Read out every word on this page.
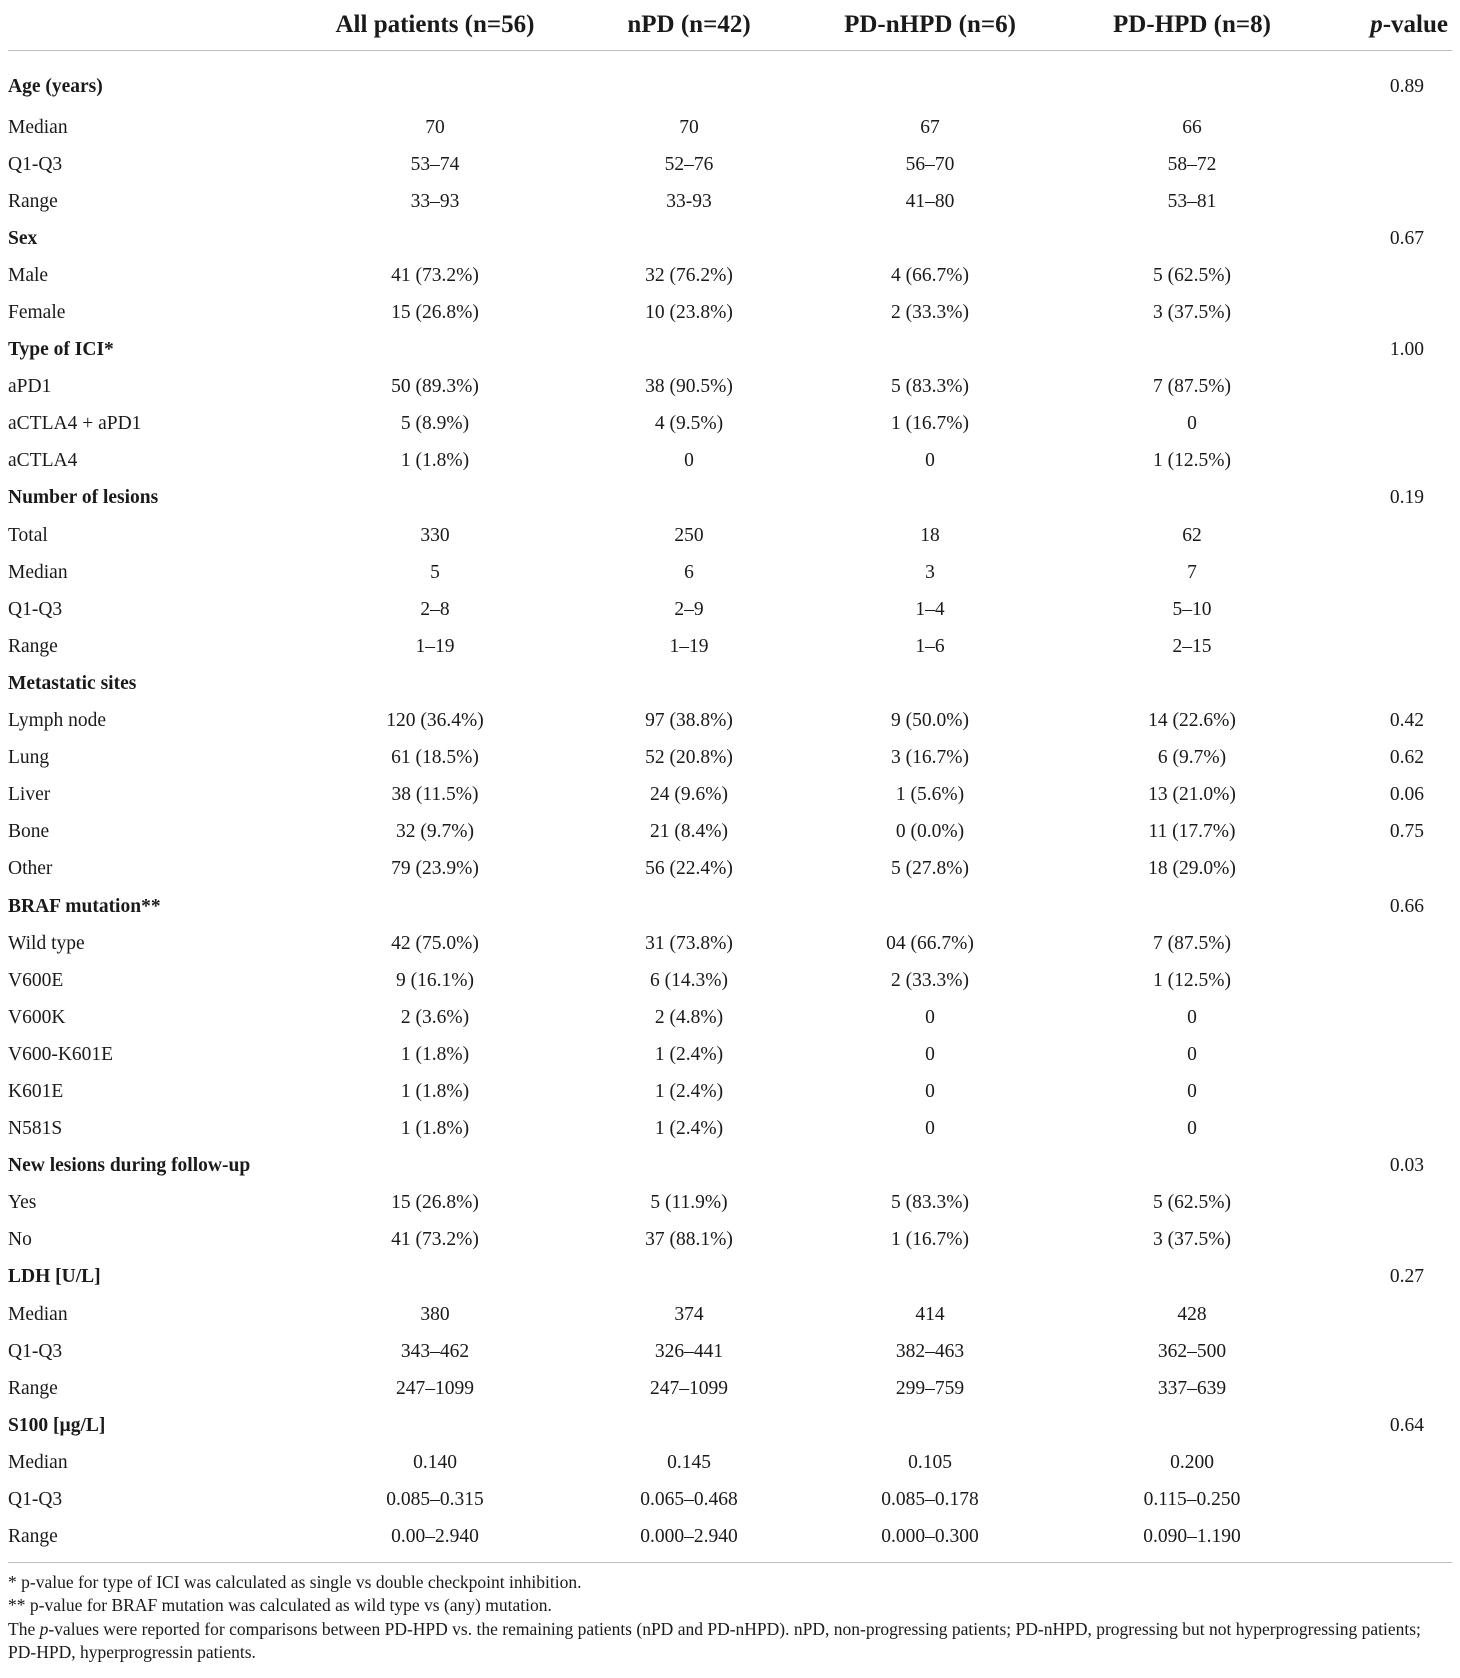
	All patients (n=56)	nPD (n=42)	PD-nHPD (n=6)	PD-HPD (n=8)	p-value
Age (years)					0.89
Median	70	70	67	66	
Q1-Q3	53–74	52–76	56–70	58–72	
Range	33–93	33-93	41–80	53–81	
Sex					0.67
Male	41 (73.2%)	32 (76.2%)	4 (66.7%)	5 (62.5%)	
Female	15 (26.8%)	10 (23.8%)	2 (33.3%)	3 (37.5%)	
Type of ICI*					1.00
aPD1	50 (89.3%)	38 (90.5%)	5 (83.3%)	7 (87.5%)	
aCTLA4 + aPD1	5 (8.9%)	4 (9.5%)	1 (16.7%)	0	
aCTLA4	1 (1.8%)	0	0	1 (12.5%)	
Number of lesions					0.19
Total	330	250	18	62	
Median	5	6	3	7	
Q1-Q3	2–8	2–9	1–4	5–10	
Range	1–19	1–19	1–6	2–15	
Metastatic sites					
Lymph node	120 (36.4%)	97 (38.8%)	9 (50.0%)	14 (22.6%)	0.42
Lung	61 (18.5%)	52 (20.8%)	3 (16.7%)	6 (9.7%)	0.62
Liver	38 (11.5%)	24 (9.6%)	1 (5.6%)	13 (21.0%)	0.06
Bone	32 (9.7%)	21 (8.4%)	0 (0.0%)	11 (17.7%)	0.75
Other	79 (23.9%)	56 (22.4%)	5 (27.8%)	18 (29.0%)	
BRAF mutation**					0.66
Wild type	42 (75.0%)	31 (73.8%)	04 (66.7%)	7 (87.5%)	
V600E	9 (16.1%)	6 (14.3%)	2 (33.3%)	1 (12.5%)	
V600K	2 (3.6%)	2 (4.8%)	0	0	
V600-K601E	1 (1.8%)	1 (2.4%)	0	0	
K601E	1 (1.8%)	1 (2.4%)	0	0	
N581S	1 (1.8%)	1 (2.4%)	0	0	
New lesions during follow-up					0.03
Yes	15 (26.8%)	5 (11.9%)	5 (83.3%)	5 (62.5%)	
No	41 (73.2%)	37 (88.1%)	1 (16.7%)	3 (37.5%)	
LDH [U/L]					0.27
Median	380	374	414	428	
Q1-Q3	343–462	326–441	382–463	362–500	
Range	247–1099	247–1099	299–759	337–639	
S100 [µg/L]					0.64
Median	0.140	0.145	0.105	0.200	
Q1-Q3	0.085–0.315	0.065–0.468	0.085–0.178	0.115–0.250	
Range	0.00–2.940	0.000–2.940	0.000–0.300	0.090–1.190	

* p-value for type of ICI was calculated as single vs double checkpoint inhibition.

** p-value for BRAF mutation was calculated as wild type vs (any) mutation.

The p-values were reported for comparisons between PD-HPD vs. the remaining patients (nPD and PD-nHPD). nPD, non-progressing patients; PD-nHPD, progressing but not hyperprogressing patients; PD-HPD, hyperprogressin patients.
